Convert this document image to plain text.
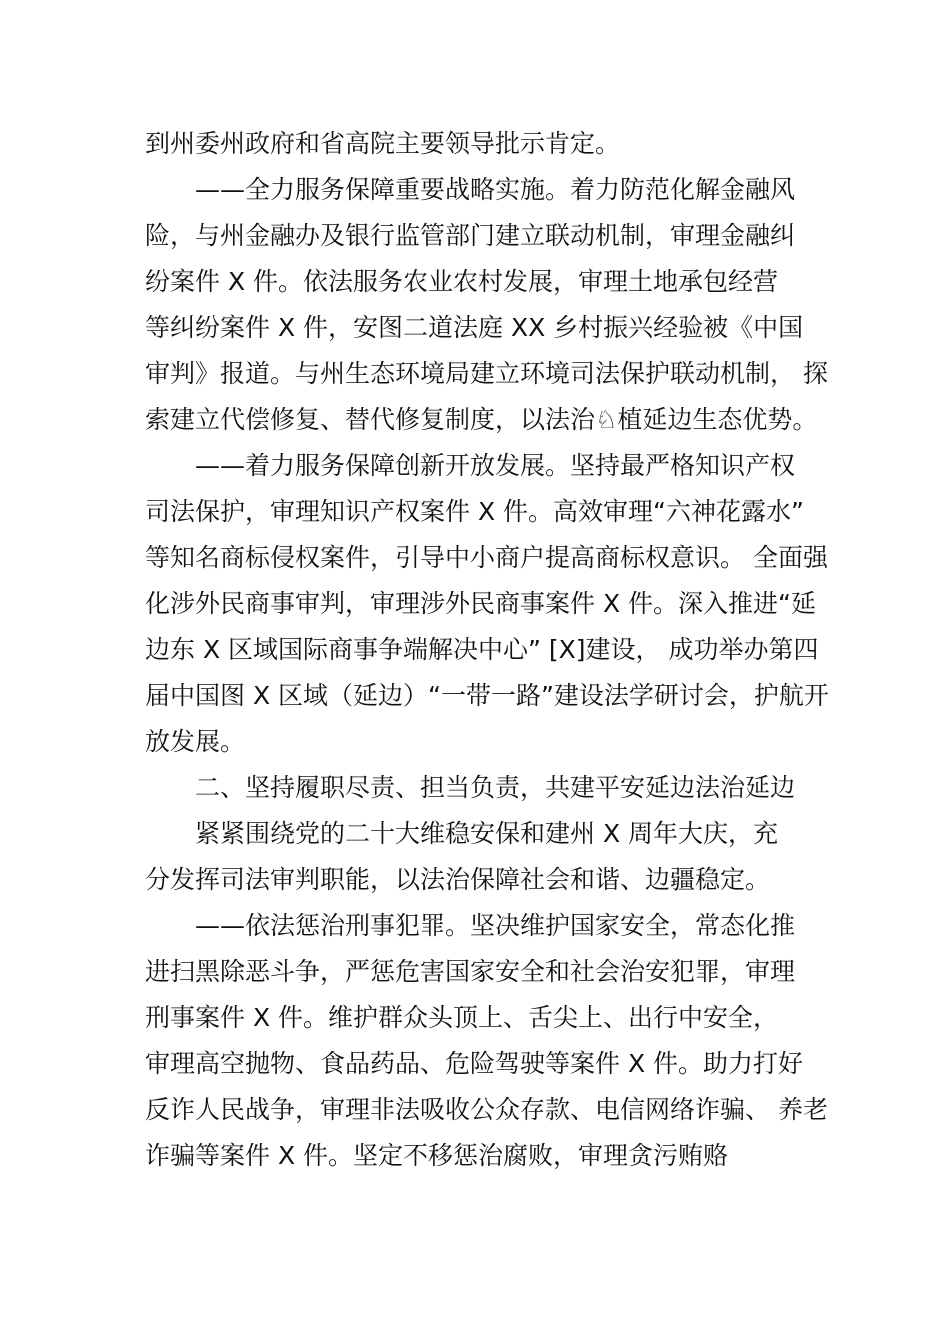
到州委州政府和省高院主要领导批示肯定。
——全力服务保障重要战略实施。着力防范化解金融风
险，与州金融办及银行监管部门建立联动机制，审理金融纠
纷案件 X 件。依法服务农业农村发展，审理土地承包经营
等纠纷案件 X 件，安图二道法庭 XX 乡村振兴经验被《中国
审判》报道。与州生态环境局建立环境司法保护联动机制， 探
索建立代偿修复、替代修复制度，以法治♘植延边生态优势。
——着力服务保障创新开放发展。坚持最严格知识产权
司法保护，审理知识产权案件 X 件。高效审理“六神花露水”
等知名商标侵权案件，引导中小商户提高商标权意识。 全面强
化涉外民商事审判，审理涉外民商事案件 X 件。深入推进“延
边东 X 区域国际商事争端解决中心” [X]建设， 成功举办第四
届中国图 X 区域（延边）“一带一路”建设法学研讨会，护航开
放发展。
二、坚持履职尽责、担当负责，共建平安延边法治延边
紧紧围绕党的二十大维稳安保和建州 X 周年大庆，充
分发挥司法审判职能，以法治保障社会和谐、边疆稳定。
——依法惩治刑事犯罪。坚决维护国家安全，常态化推
进扫黑除恶斗争，严惩危害国家安全和社会治安犯罪，审理
刑事案件 X 件。维护群众头顶上、舌尖上、出行中安全，
审理高空抛物、食品药品、危险驾驶等案件 X 件。助力打好
反诈人民战争，审理非法吸收公众存款、电信网络诈骗、 养老
诈骗等案件 X 件。坚定不移惩治腐败，审理贪污贿赂
